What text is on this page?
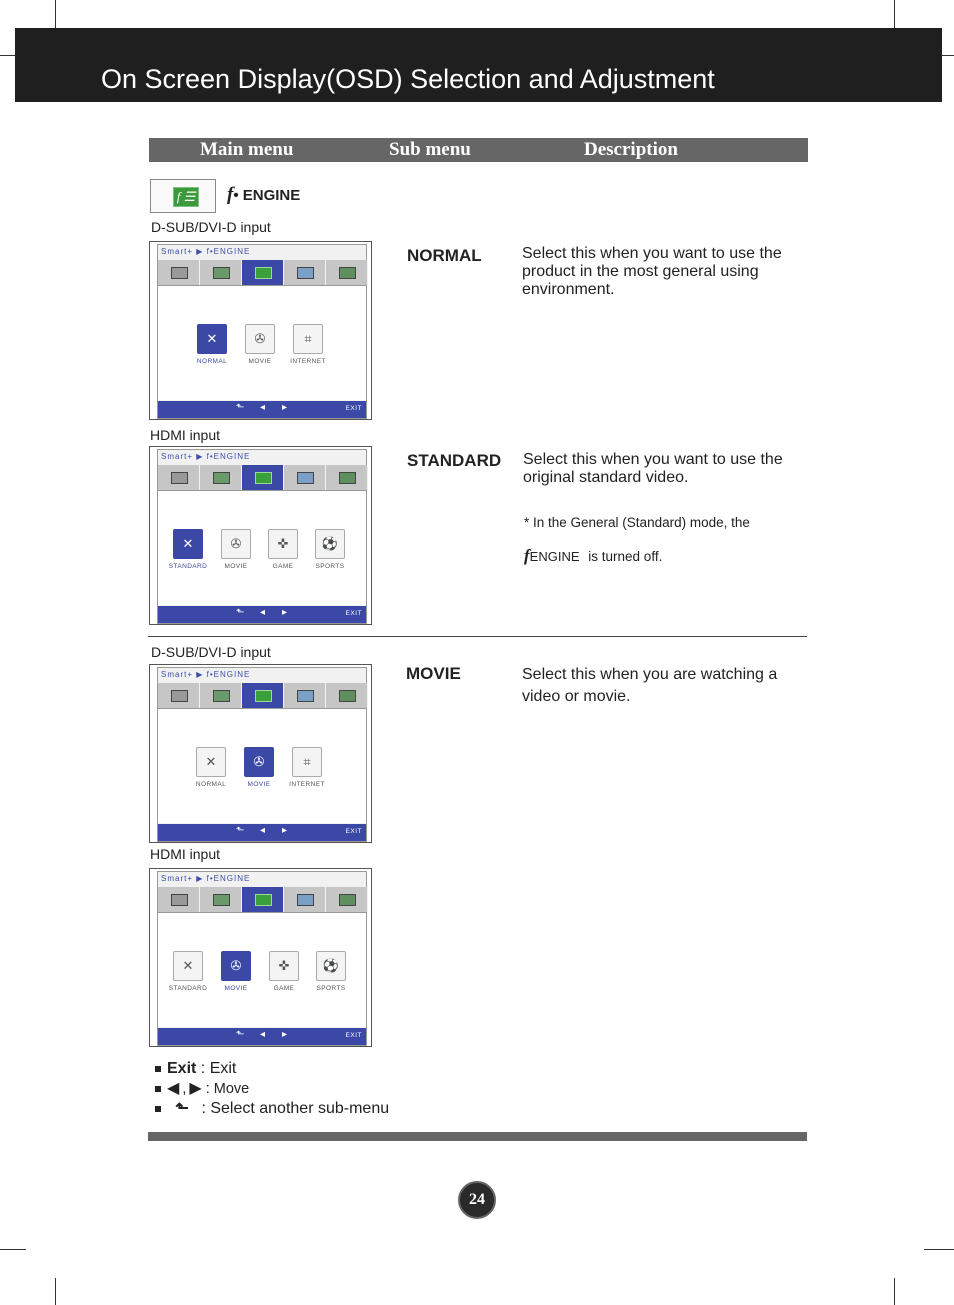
On Screen Display(OSD) Selection and Adjustment
Main menu	Sub menu	Description
f ☰ f• ENGINE
D-SUB/DVI-D input
Smart+ ▶ f•ENGINE
✕
NORMAL
✇
MOVIE
⌗
INTERNET
⬑ ◂ ▸	EXIT
HDMI input
Smart+ ▶ f•ENGINE
✕
STANDARD
✇
MOVIE
✜
GAME
⚽
SPORTS
⬑ ◂ ▸	EXIT
NORMAL	Select this when you want to use the product in the most general using environment.
STANDARD Select this when you want to use the original standard video.
* In the General (Standard) mode, the
fENGINE is turned off.
D-SUB/DVI-D input
Smart+ ▶ f•ENGINE
✕
NORMAL
✇
MOVIE
⌗
INTERNET
⬑ ◂ ▸	EXIT
HDMI input
Smart+ ▶ f•ENGINE
✕
STANDARD
✇
MOVIE
✜
GAME
⚽
SPORTS
⬑ ◂ ▸	EXIT
MOVIE	Select this when you are watching a video or movie.
Exit : Exit
◀ , ▶ : Move
⬑ : Select another sub-menu
24
